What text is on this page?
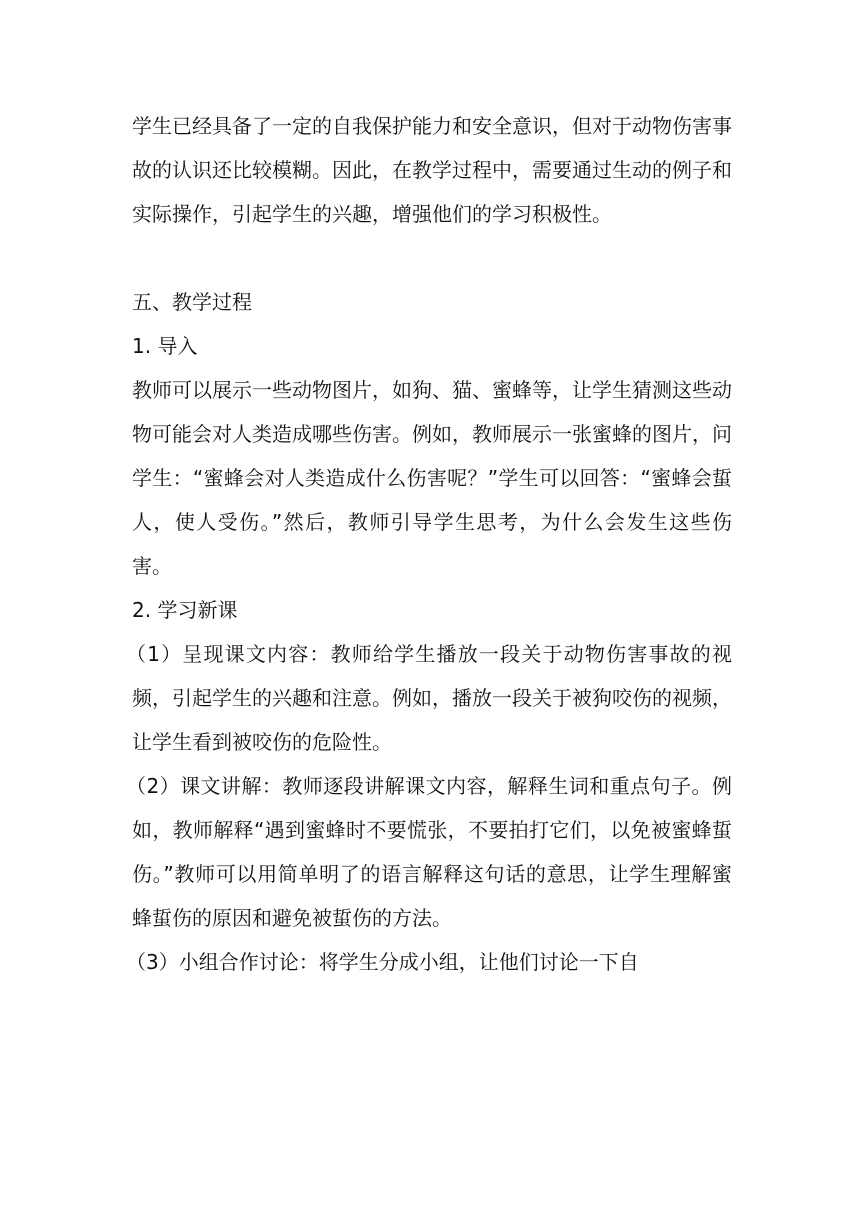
学生已经具备了一定的自我保护能力和安全意识，但对于动物伤害事故的认识还比较模糊。因此，在教学过程中，需要通过生动的例子和实际操作，引起学生的兴趣，增强他们的学习积极性。

五、教学过程

1. 导入

教师可以展示一些动物图片，如狗、猫、蜜蜂等，让学生猜测这些动物可能会对人类造成哪些伤害。例如，教师展示一张蜜蜂的图片，问学生：“蜜蜂会对人类造成什么伤害呢？”学生可以回答：“蜜蜂会蜇人，使人受伤。”然后，教师引导学生思考，为什么会发生这些伤害。

2. 学习新课

（1）呈现课文内容：教师给学生播放一段关于动物伤害事故的视频，引起学生的兴趣和注意。例如，播放一段关于被狗咬伤的视频，让学生看到被咬伤的危险性。

（2）课文讲解：教师逐段讲解课文内容，解释生词和重点句子。例如，教师解释“遇到蜜蜂时不要慌张，不要拍打它们，以免被蜜蜂蜇伤。”教师可以用简单明了的语言解释这句话的意思，让学生理解蜜蜂蜇伤的原因和避免被蜇伤的方法。

（3）小组合作讨论：将学生分成小组，让他们讨论一下自
